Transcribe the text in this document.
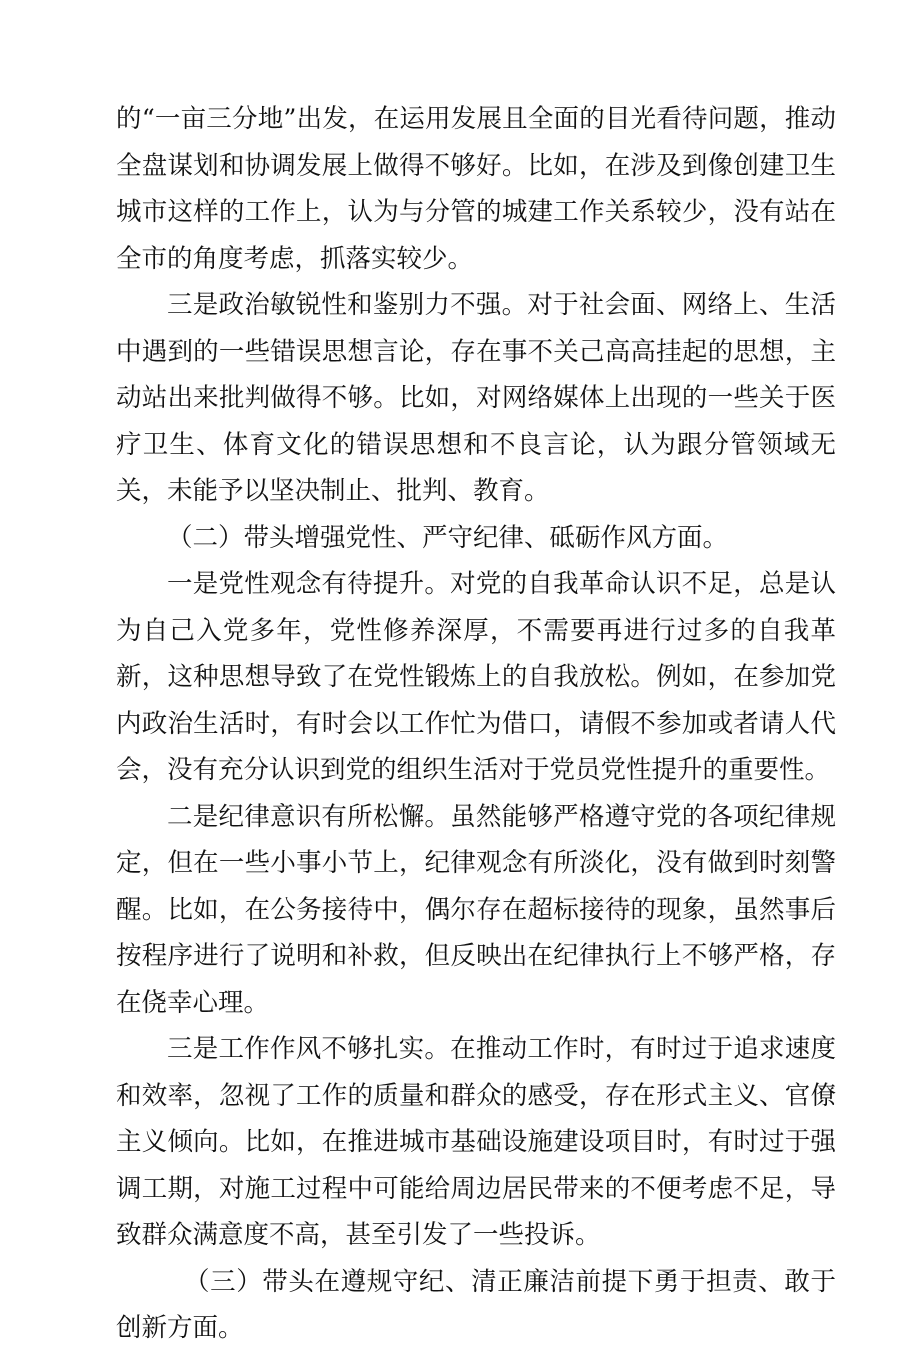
的“一亩三分地”出发，在运用发展且全面的目光看待问题，推动全盘谋划和协调发展上做得不够好。比如，在涉及到像创建卫生城市这样的工作上，认为与分管的城建工作关系较少，没有站在全市的角度考虑，抓落实较少。

三是政治敏锐性和鉴别力不强。对于社会面、网络上、生活中遇到的一些错误思想言论，存在事不关己高高挂起的思想，主动站出来批判做得不够。比如，对网络媒体上出现的一些关于医疗卫生、体育文化的错误思想和不良言论，认为跟分管领域无关，未能予以坚决制止、批判、教育。

（二）带头增强党性、严守纪律、砥砺作风方面。

一是党性观念有待提升。对党的自我革命认识不足，总是认为自己入党多年，党性修养深厚，不需要再进行过多的自我革新，这种思想导致了在党性锻炼上的自我放松。例如，在参加党内政治生活时，有时会以工作忙为借口，请假不参加或者请人代会，没有充分认识到党的组织生活对于党员党性提升的重要性。

二是纪律意识有所松懈。虽然能够严格遵守党的各项纪律规定，但在一些小事小节上，纪律观念有所淡化，没有做到时刻警醒。比如，在公务接待中，偶尔存在超标接待的现象，虽然事后按程序进行了说明和补救，但反映出在纪律执行上不够严格，存在侥幸心理。

三是工作作风不够扎实。在推动工作时，有时过于追求速度和效率，忽视了工作的质量和群众的感受，存在形式主义、官僚主义倾向。比如，在推进城市基础设施建设项目时，有时过于强调工期，对施工过程中可能给周边居民带来的不便考虑不足，导致群众满意度不高，甚至引发了一些投诉。

（三）带头在遵规守纪、清正廉洁前提下勇于担责、敢于创新方面。
